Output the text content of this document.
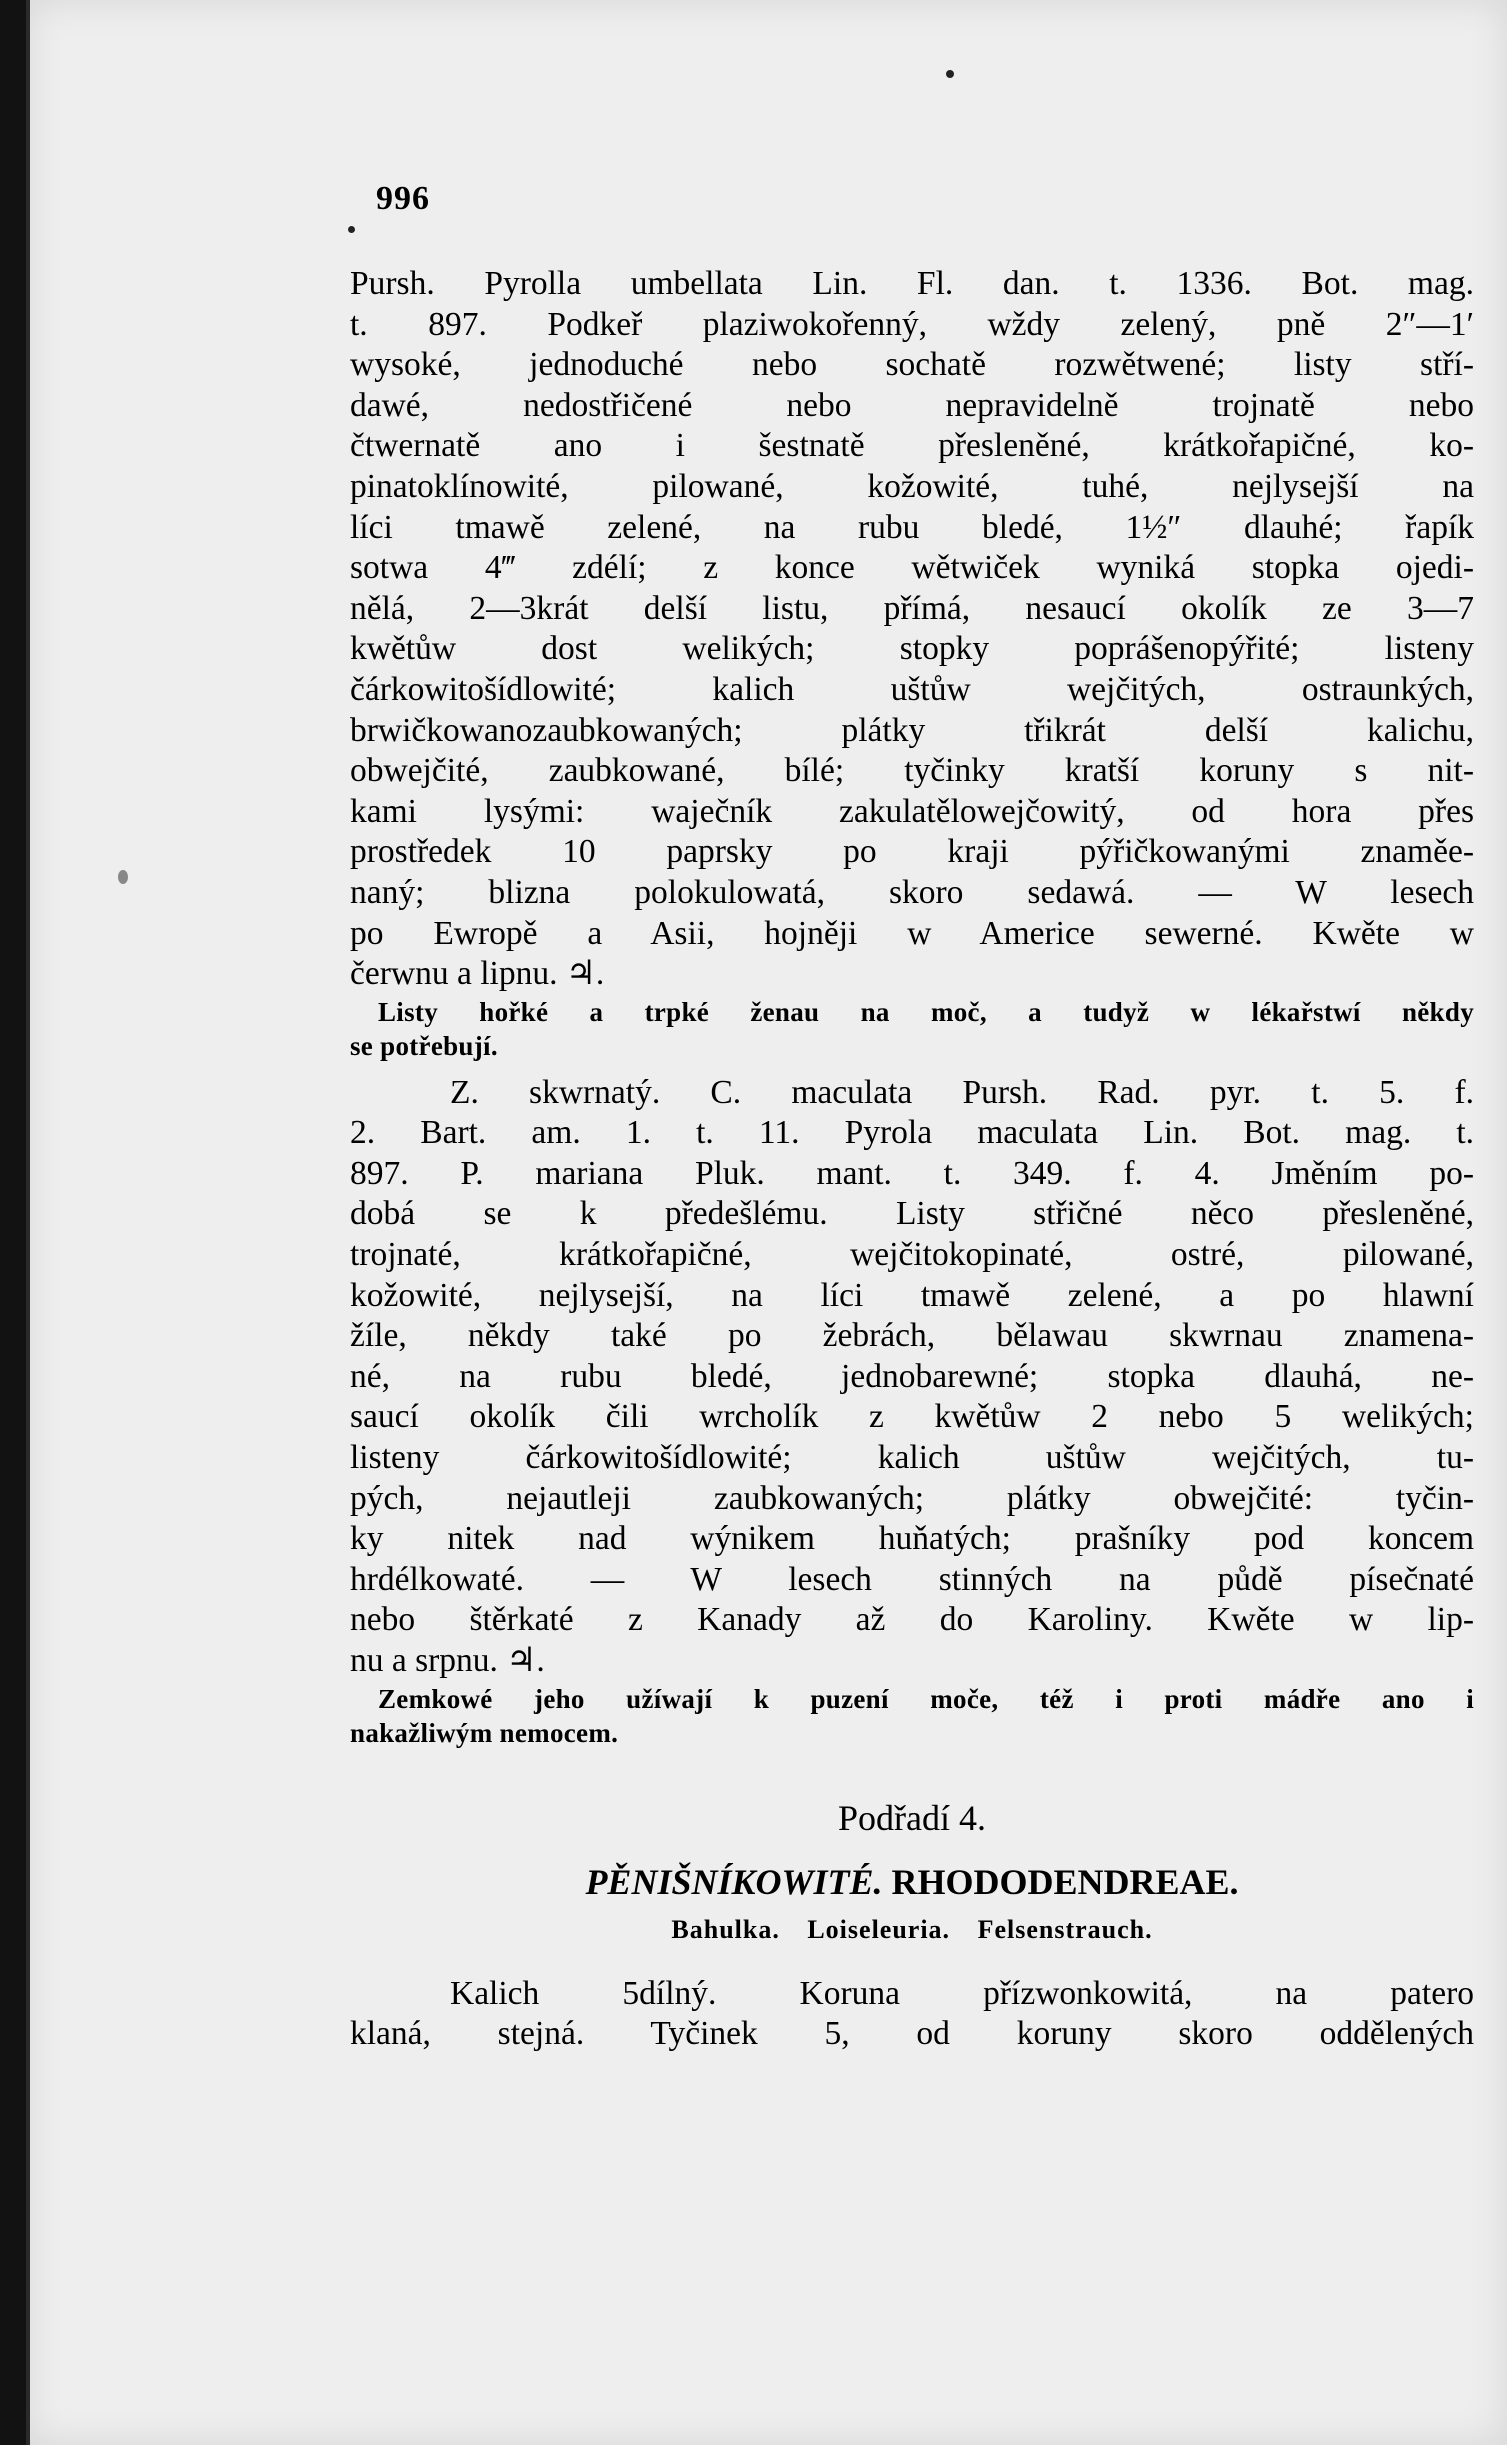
996
Pursh. Pyrolla umbellata Lin. Fl. dan. t. 1336. Bot. mag.
t. 897. Podkeř plaziwokořenný, wždy zelený, pně 2″—1′
wysoké, jednoduché nebo sochatě rozwětwené; listy stří-
dawé, nedostřičené nebo nepravidelně trojnatě nebo
čtwernatě ano i šestnatě přesleněné, krátkořapičné, ko-
pinatoklínowité, pilowané, kožowité, tuhé, nejlysejší na
líci tmawě zelené, na rubu bledé, 1½″ dlauhé; řapík
sotwa 4‴ zdélí; z konce wětwiček wyniká stopka ojedi-
nělá, 2—3krát delší listu, přímá, nesaucí okolík ze 3—7
kwětůw dost welikých; stopky poprášenopýřité; listeny
čárkowitošídlowité; kalich uštůw wejčitých, ostraunkých,
brwičkowanozaubkowaných; plátky třikrát delší kalichu,
obwejčité, zaubkowané, bílé; tyčinky kratší koruny s nit-
kami lysými: waječník zakulatělowejčowitý, od hora přes
prostředek 10 paprsky po kraji pýřičkowanými znaměe-
naný; blizna polokulowatá, skoro sedawá. — W lesech
po Ewropě a Asii, hojněji w Americe sewerné. Kwěte w
čerwnu a lipnu. ♃.
Listy hořké a trpké ženau na moč, a tudyž w lékařstwí někdy
se potřebují.
Z. skwrnatý. C. maculata Pursh. Rad. pyr. t. 5. f.
2. Bart. am. 1. t. 11. Pyrola maculata Lin. Bot. mag. t.
897. P. mariana Pluk. mant. t. 349. f. 4. Jměním po-
dobá se k předešlému. Listy střičné něco přesleněné,
trojnaté, krátkořapičné, wejčitokopinaté, ostré, pilowané,
kožowité, nejlysejší, na líci tmawě zelené, a po hlawní
žíle, někdy také po žebrách, bělawau skwrnau znamena-
né, na rubu bledé, jednobarewné; stopka dlauhá, ne-
saucí okolík čili wrcholík z kwětůw 2 nebo 5 welikých;
listeny čárkowitošídlowité; kalich uštůw wejčitých, tu-
pých, nejautleji zaubkowaných; plátky obwejčité: tyčin-
ky nitek nad wýnikem huňatých; prašníky pod koncem
hrdélkowaté. — W lesech stinných na půdě písečnaté
nebo štěrkaté z Kanady až do Karoliny. Kwěte w lip-
nu a srpnu. ♃.
Zemkowé jeho užíwají k puzení moče, též i proti mádře ano i
nakažliwým nemocem.
Podřadí 4.
PĚNIŠNÍKOWITÉ. RHODODENDREAE.
Bahulka. Loiseleuria. Felsenstrauch.
Kalich 5dílný. Koruna přízwonkowitá, na patero
klaná, stejná. Tyčinek 5, od koruny skoro oddělených
